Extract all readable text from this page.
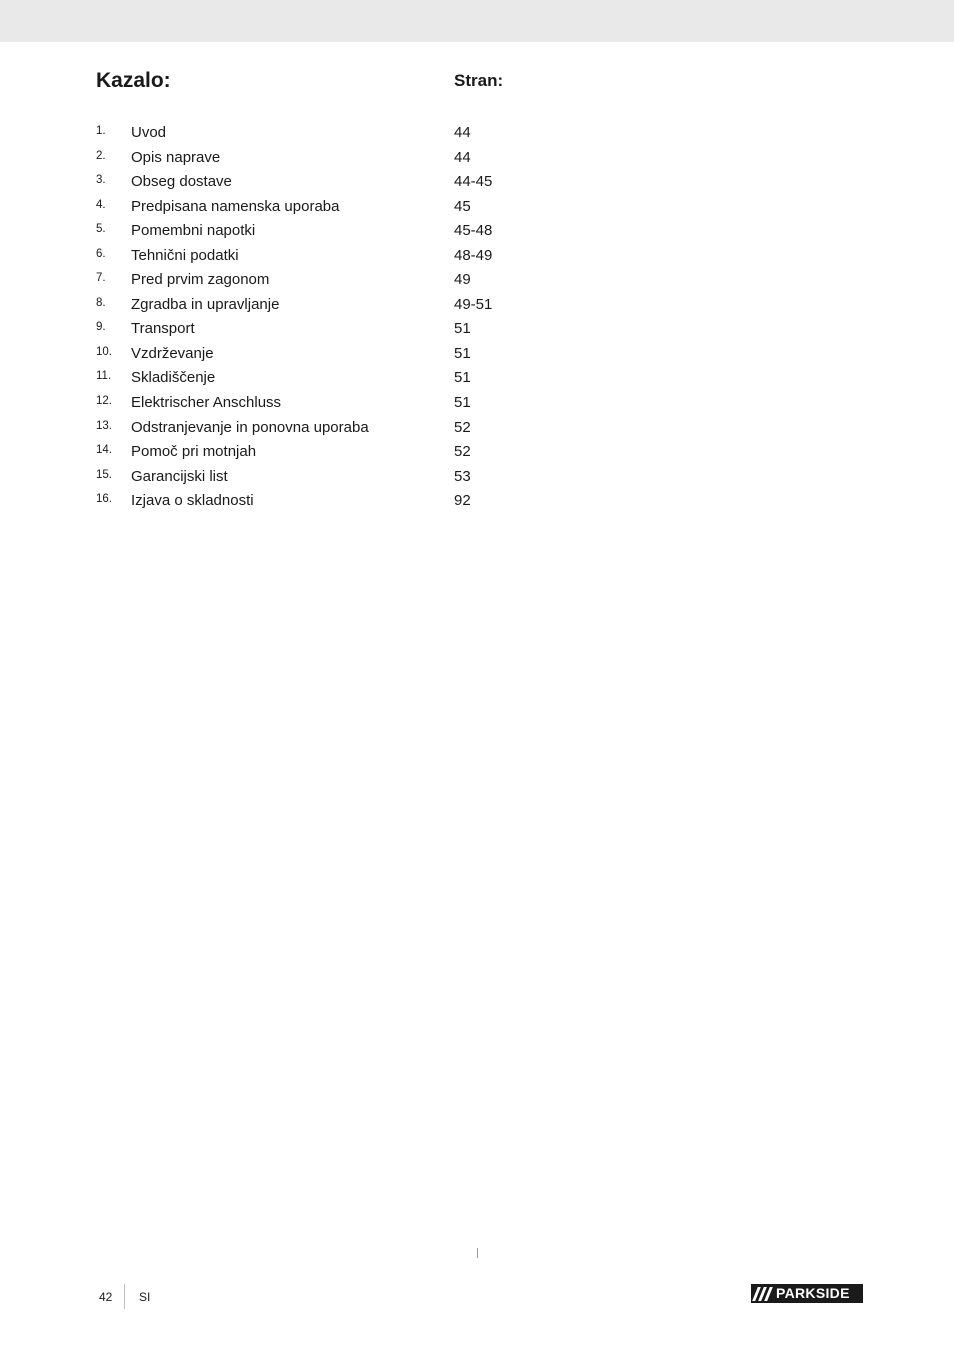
Kazalo:	Stran:
1. Uvod	44
2. Opis naprave	44
3. Obseg dostave	44-45
4. Predpisana namenska uporaba	45
5. Pomembni napotki	45-48
6. Tehnični podatki	48-49
7. Pred prvim zagonom	49
8. Zgradba in upravljanje	49-51
9. Transport	51
10. Vzdrževanje	51
11. Skladiščenje	51
12. Elektrischer Anschluss	51
13. Odstranjevanje in ponovna uporaba	52
14. Pomoč pri motnjah	52
15. Garancijski list	53
16. Izjava o skladnosti	92
42 SI	PARKSIDE
